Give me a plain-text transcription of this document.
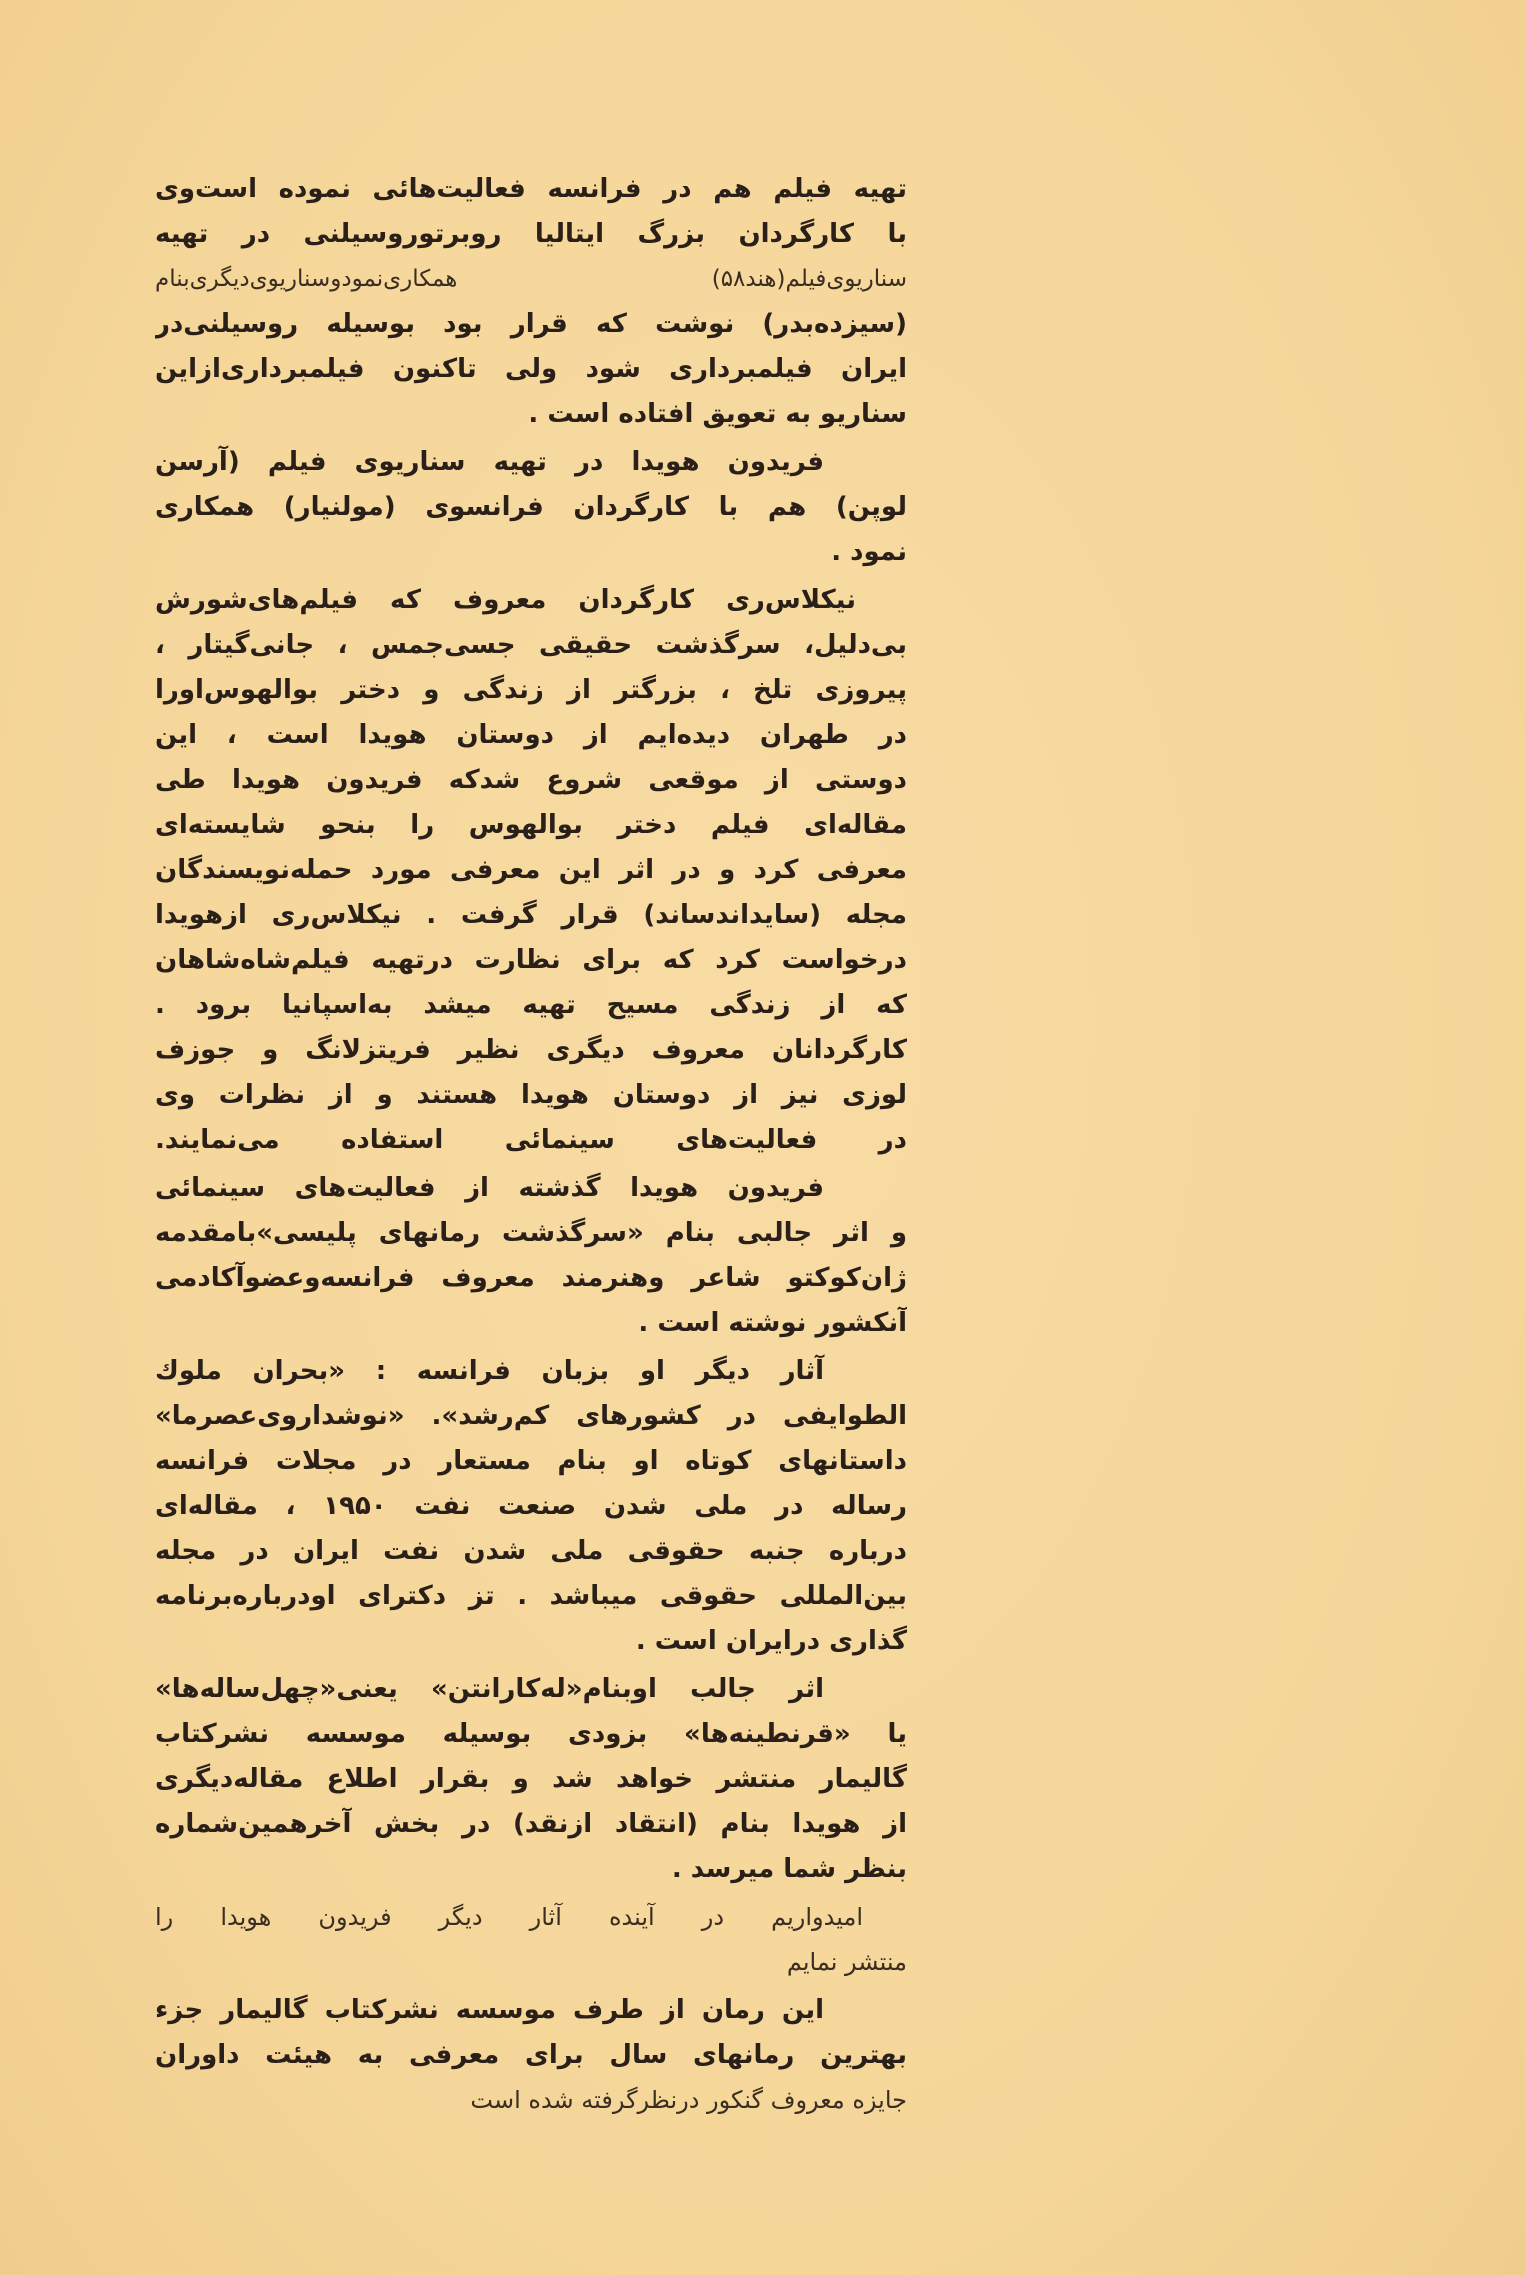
تهیه فیلم هم در فرانسه فعالیت‌هائی نموده است‌وی
با کارگردان بزرگ ایتالیا روبرتوروسیلنی در تهیه
سناریوی‌فیلم(هند۵۸) همکاری‌نمودوسناریوی‌دیگری‌بنام
(سیزده‌بدر) نوشت که قرار بود بوسیله روسیلنی‌در
ایران فیلمبرداری شود ولی تاکنون فیلمبرداری‌ازاین
سناریو به تعویق افتاده است .
فریدون هویدا در تهیه سناریوی فیلم (آرسن
لوپن) هم با کارگردان فرانسوی (مولنیار) همکاری
نمود .
نیکلاس‌ری کارگردان معروف که فیلم‌های‌شورش
بی‌دلیل، سرگذشت حقیقی جسی‌جمس ، جانی‌گیتار ،
پیروزی تلخ ، بزرگتر از زندگی و دختر بوالهوس‌اورا
در طهران دیده‌ایم از دوستان هویدا است ، این
دوستی از موقعی شروع شدکه فریدون هویدا طی
مقاله‌ای فیلم دختر بوالهوس را بنحو شایسته‌ای
معرفی کرد و در اثر این معرفی مورد حمله‌نویسندگان
مجله (سایداندساند) قرار گرفت . نیکلاس‌ری ازهویدا
درخواست کرد که برای نظارت درتهیه فیلم‌شاه‌شاهان
که از زندگی مسیح تهیه میشد به‌اسپانیا برود .
کارگردانان معروف دیگری نظیر فریتزلانگ و جوزف
لوزی نیز از دوستان هویدا هستند و از نظرات وی
در فعالیت‌های سینمائی استفاده می‌نمایند.
فریدون هویدا گذشته از فعالیت‌های سینمائی
و اثر جالبی بنام «سرگذشت رمانهای پلیسی»بامقدمه
ژان‌کوکتو شاعر وهنرمند معروف فرانسه‌وعضوآکادمی
آنکشور نوشته است .
آثار دیگر او بزبان فرانسه : «بحران ملوك
الطوایفی در کشورهای کم‌رشد». «نوشداروی‌عصرما»
داستانهای کوتاه او بنام مستعار در مجلات فرانسه
رساله در ملی شدن صنعت نفت ۱۹۵۰ ، مقاله‌ای
درباره جنبه حقوقی ملی شدن نفت ایران در مجله
بین‌المللی حقوقی میباشد . تز دکترای اودرباره‌برنامه
گذاری درایران است .
اثر جالب اوبنام«له‌کارانتن» یعنی«چهل‌ساله‌ها»
یا «قرنطینه‌ها» بزودی بوسیله موسسه نشرکتاب
گالیمار منتشر خواهد شد و بقرار اطلاع مقاله‌دیگری
از هویدا بنام (انتقاد ازنقد) در بخش آخرهمین‌شماره
بنظر شما میرسد .
امیدواریم در آینده آثار دیگر فریدون هویدا را
منتشر نمایم
این رمان از طرف موسسه نشرکتاب گالیمار جزء
بهترین رمانهای سال برای معرفی به هیئت داوران
جایزه معروف گنکور درنظرگرفته شده است
